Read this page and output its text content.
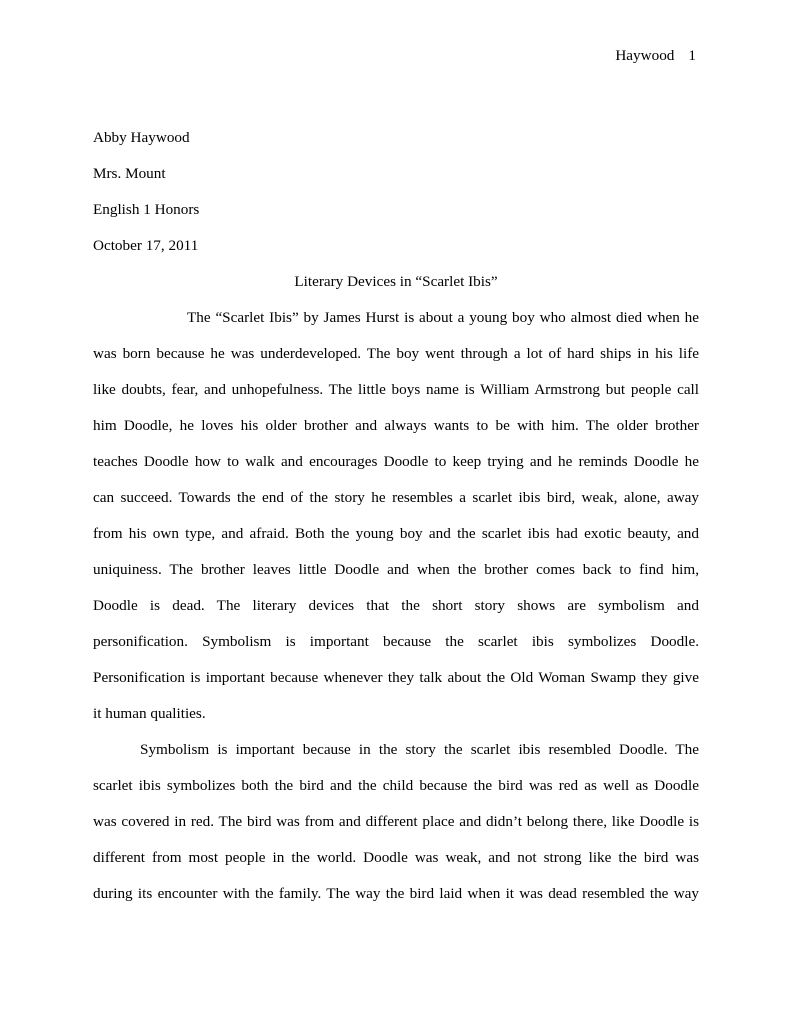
Haywood 1
Abby Haywood
Mrs. Mount
English 1 Honors
October 17, 2011
Literary Devices in “Scarlet Ibis”
The “Scarlet Ibis” by James Hurst is about a young boy who almost died when he
was born because he was underdeveloped. The boy went through a lot of hard ships in his life
like doubts, fear, and unhopefulness. The little boys name is William Armstrong but people call
him Doodle, he loves his older brother and always wants to be with him. The older brother
teaches Doodle how to walk and encourages Doodle to keep trying and he reminds Doodle he
can succeed. Towards the end of the story he resembles a scarlet ibis bird, weak, alone, away
from his own type, and afraid. Both the young boy and the scarlet ibis had exotic beauty, and
uniquiness. The brother leaves little Doodle and when the brother comes back to find him,
Doodle is dead. The literary devices that the short story shows are symbolism and
personification. Symbolism is important because the scarlet ibis symbolizes Doodle.
Personification is important because whenever they talk about the Old Woman Swamp they give
it human qualities.
Symbolism is important because in the story the scarlet ibis resembled Doodle. The
scarlet ibis symbolizes both the bird and the child because the bird was red as well as Doodle
was covered in red. The bird was from and different place and didn’t belong there, like Doodle is
different from most people in the world. Doodle was weak, and not strong like the bird was
during its encounter with the family. The way the bird laid when it was dead resembled the way
